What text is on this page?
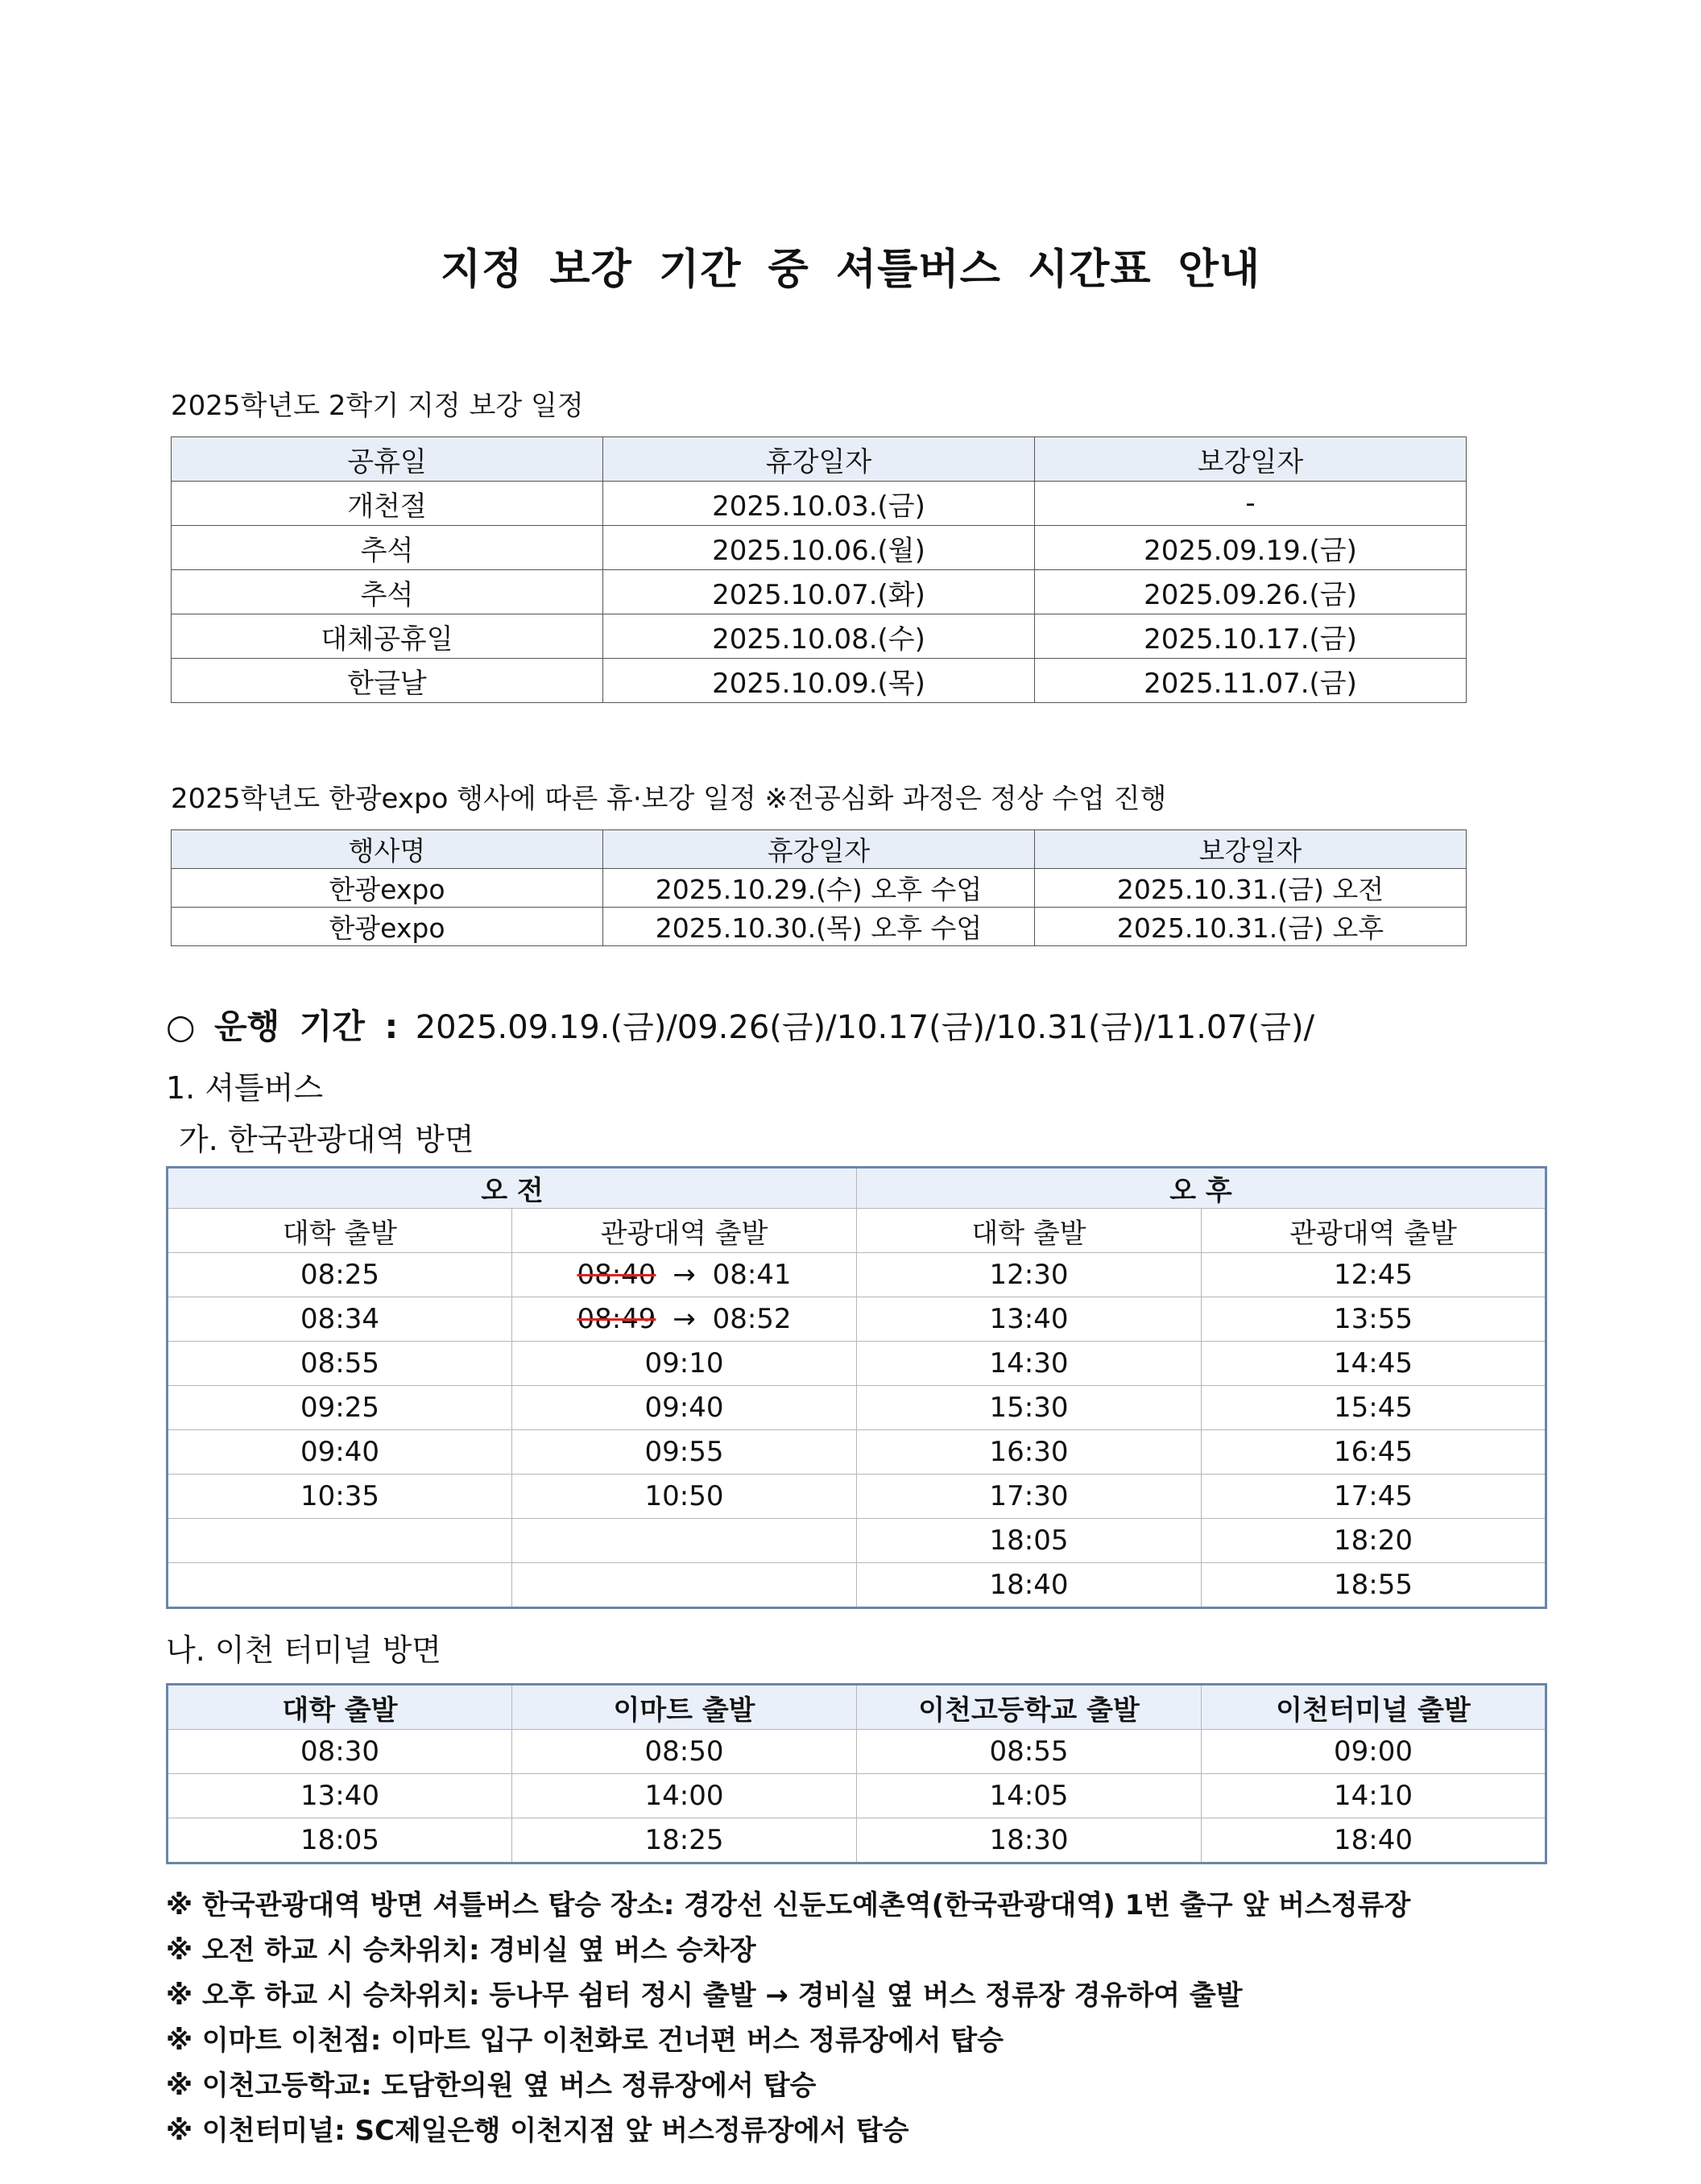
지정 보강 기간 중 셔틀버스 시간표 안내
2025학년도 2학기 지정 보강 일정
공휴일	휴강일자	보강일자
개천절	2025.10.03.(금)	-
추석	2025.10.06.(월)	2025.09.19.(금)
추석	2025.10.07.(화)	2025.09.26.(금)
대체공휴일	2025.10.08.(수)	2025.10.17.(금)
한글날	2025.10.09.(목)	2025.11.07.(금)
2025학년도 한광expo 행사에 따른 휴·보강 일정 ※전공심화 과정은 정상 수업 진행
행사명	휴강일자	보강일자
한광expo	2025.10.29.(수) 오후 수업	2025.10.31.(금) 오전
한광expo	2025.10.30.(목) 오후 수업	2025.10.31.(금) 오후
○ 운행 기간 : 2025.09.19.(금)/09.26(금)/10.17(금)/10.31(금)/11.07(금)/
1. 셔틀버스
가. 한국관광대역 방면
오 전		오 후	
대학 출발	관광대역 출발	대학 출발	관광대역 출발
08:25	08:40 → 08:41	12:30	12:45
08:34	08:49 → 08:52	13:40	13:55
08:55	09:10	14:30	14:45
09:25	09:40	15:30	15:45
09:40	09:55	16:30	16:45
10:35	10:50	17:30	17:45
		18:05	18:20
		18:40	18:55
나. 이천 터미널 방면
대학 출발	이마트 출발	이천고등학교 출발	이천터미널 출발
08:30	08:50	08:55	09:00
13:40	14:00	14:05	14:10
18:05	18:25	18:30	18:40
※ 한국관광대역 방면 셔틀버스 탑승 장소: 경강선 신둔도예촌역(한국관광대역) 1번 출구 앞 버스정류장
※ 오전 하교 시 승차위치: 경비실 옆 버스 승차장
※ 오후 하교 시 승차위치: 등나무 쉼터 정시 출발 → 경비실 옆 버스 정류장 경유하여 출발
※ 이마트 이천점: 이마트 입구 이천화로 건너편 버스 정류장에서 탑승
※ 이천고등학교: 도담한의원 옆 버스 정류장에서 탑승
※ 이천터미널: SC제일은행 이천지점 앞 버스정류장에서 탑승
